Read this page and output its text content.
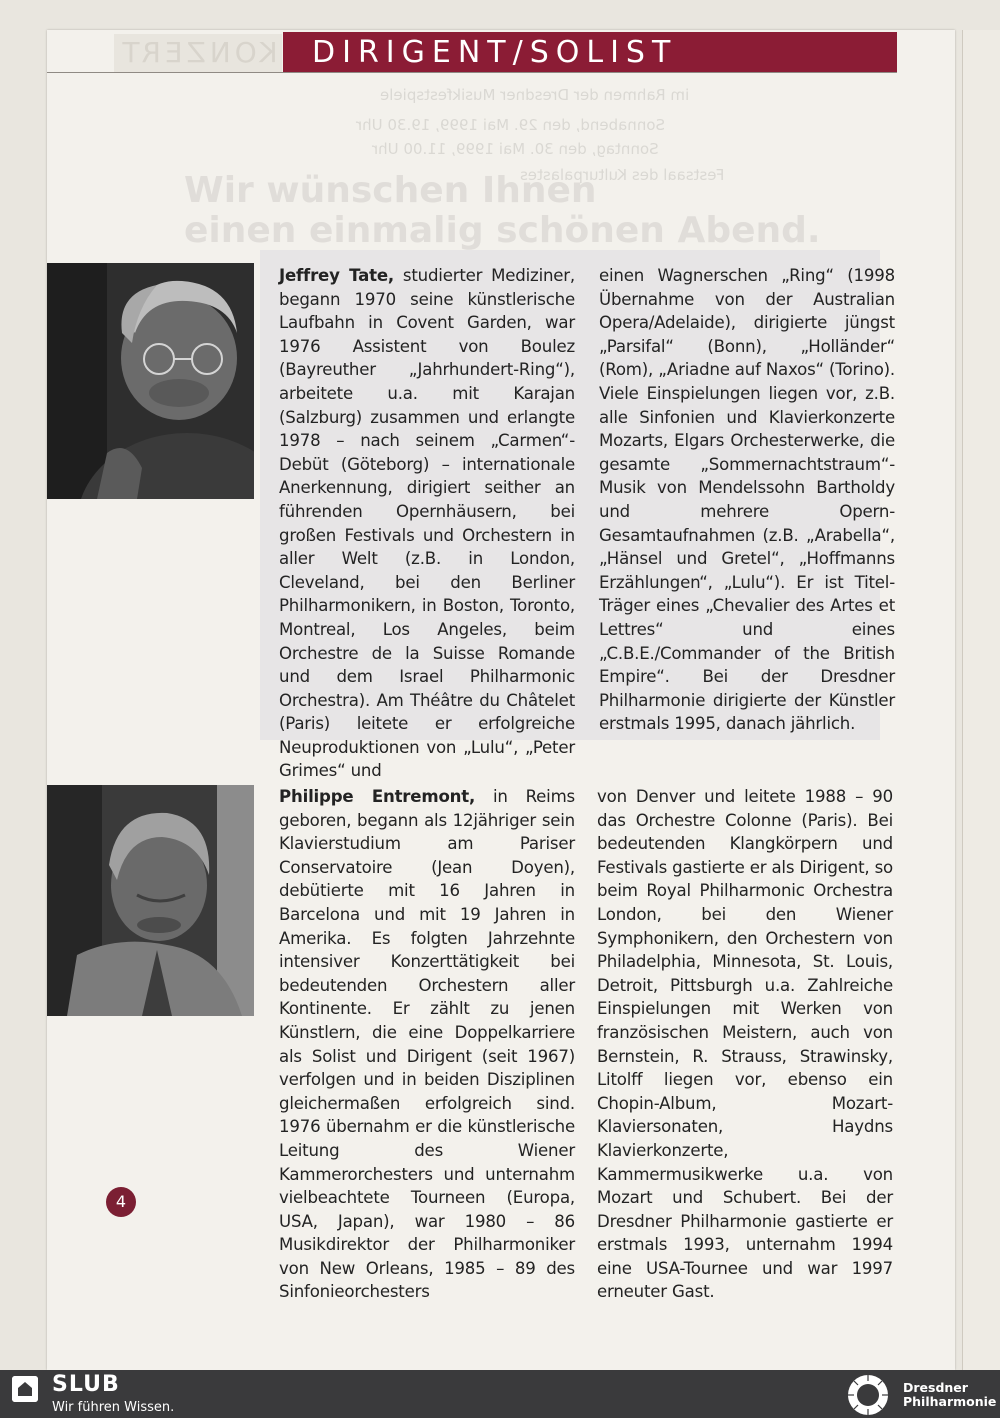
im Rahmen der Dresdner Musikfestspiele
Sonnabend, den 29. Mai 1999, 19.30 Uhr
Sonntag, den 30. Mai 1999, 11.00 Uhr
Festsaal des Kulturpalastes
Wir wünschen Ihnen
einen einmalig schönen Abend.
KONZERT DIRIGENT/SOLIST
Jeffrey Tate, studierter Mediziner, begann 1970 seine künstlerische Laufbahn in Covent Garden, war 1976 Assistent von Boulez (Bayreuther „Jahrhundert-Ring“), arbeitete u.a. mit Karajan (Salzburg) zusammen und erlangte 1978 – nach seinem „Carmen“-Debüt (Göteborg) – internationale Anerkennung, dirigiert seither an führenden Opernhäusern, bei großen Festivals und Orchestern in aller Welt (z.B. in London, Cleveland, bei den Berliner Philharmonikern, in Boston, Toronto, Montreal, Los Angeles, beim Orchestre de la Suisse Romande und dem Israel Philharmonic Orchestra). Am Théâtre du Châtelet (Paris) leitete er erfolgreiche Neuproduktionen von „Lulu“, „Peter Grimes“ und
einen Wagnerschen „Ring“ (1998 Übernahme von der Australian Opera/Adelaide), dirigierte jüngst „Parsifal“ (Bonn), „Holländer“ (Rom), „Ariadne auf Naxos“ (Torino). Viele Einspielungen liegen vor, z.B. alle Sinfonien und Klavierkonzerte Mozarts, Elgars Orchesterwerke, die gesamte „Sommernachtstraum“-Musik von Mendelssohn Bartholdy und mehrere Opern-Gesamtaufnahmen (z.B. „Arabella“, „Hänsel und Gretel“, „Hoffmanns Erzählungen“, „Lulu“). Er ist Titel-Träger eines „Chevalier des Artes et Lettres“ und eines „C.B.E./Commander of the British Empire“. Bei der Dresdner Philharmonie dirigierte der Künstler erstmals 1995, danach jährlich.
Philippe Entremont, in Reims geboren, begann als 12jähriger sein Klavierstudium am Pariser Conservatoire (Jean Doyen), debütierte mit 16 Jahren in Barcelona und mit 19 Jahren in Amerika. Es folgten Jahrzehnte intensiver Konzerttätigkeit bei bedeutenden Orchestern aller Kontinente. Er zählt zu jenen Künstlern, die eine Doppelkarriere als Solist und Dirigent (seit 1967) verfolgen und in beiden Disziplinen gleichermaßen erfolgreich sind. 1976 übernahm er die künstlerische Leitung des Wiener Kammerorchesters und unternahm vielbeachtete Tourneen (Europa, USA, Japan), war 1980 – 86 Musikdirektor der Philharmoniker von New Orleans, 1985 – 89 des Sinfonieorchesters
von Denver und leitete 1988 – 90 das Orchestre Colonne (Paris). Bei bedeutenden Klangkörpern und Festivals gastierte er als Dirigent, so beim Royal Philharmonic Orchestra London, bei den Wiener Symphonikern, den Orchestern von Philadelphia, Minnesota, St. Louis, Detroit, Pittsburgh u.a. Zahlreiche Einspielungen mit Werken von französischen Meistern, auch von Bernstein, R. Strauss, Strawinsky, Litolff liegen vor, ebenso ein Chopin-Album, Mozart-Klaviersonaten, Haydns Klavierkonzerte, Kammermusikwerke u.a. von Mozart und Schubert. Bei der Dresdner Philharmonie gastierte er erstmals 1993, unternahm 1994 eine USA-Tournee und war 1997 erneuter Gast.
4
SLUB
Wir führen Wissen.
Dresdner
Philharmonie
